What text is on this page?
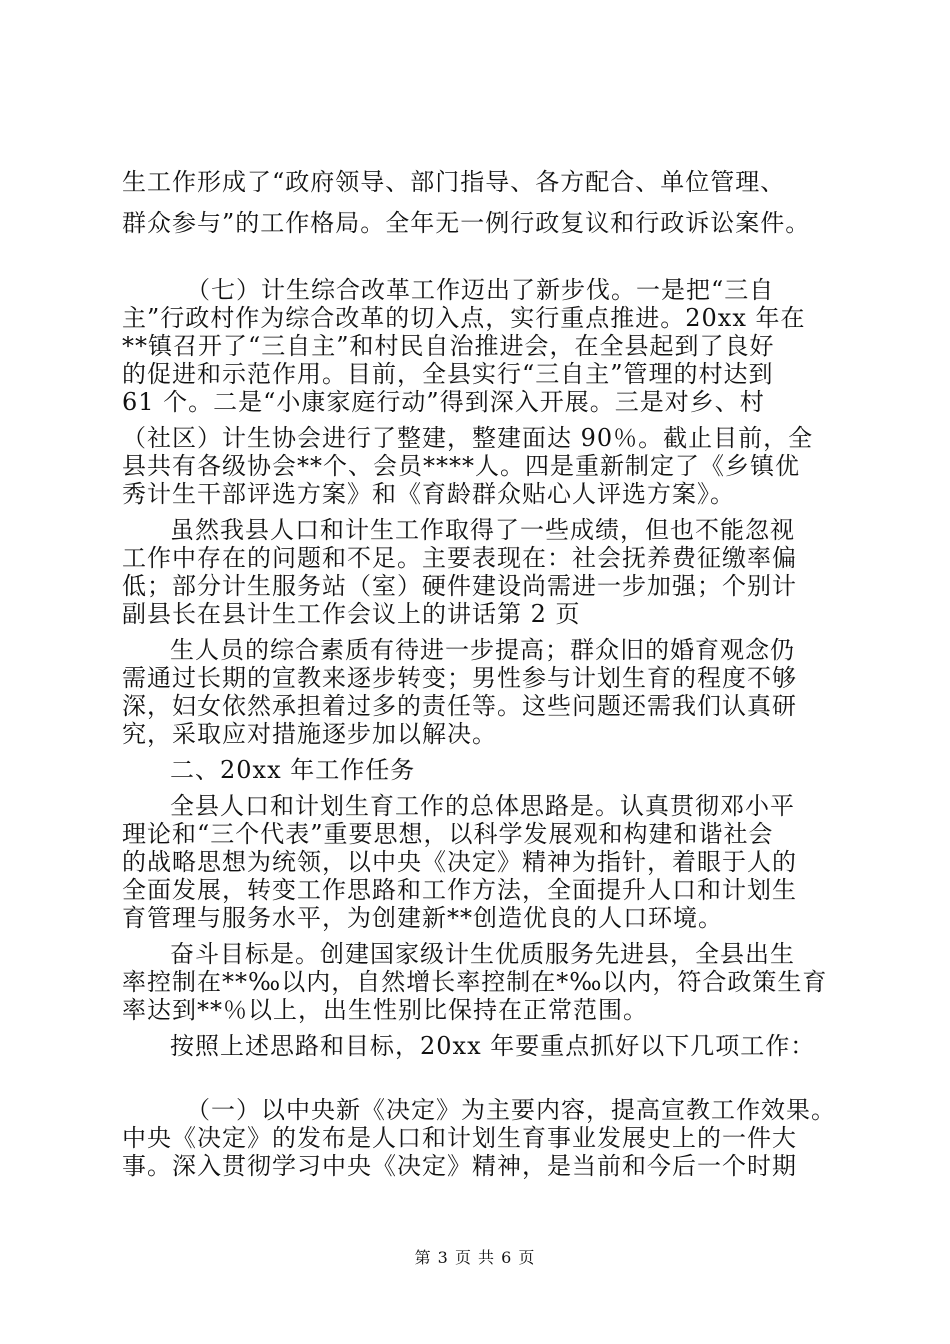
生工作形成了“政府领导、部门指导、各方配合、单位管理、
群众参与”的工作格局。全年无一例行政复议和行政诉讼案件。
（七）计生综合改革工作迈出了新步伐。一是把“三自
主”行政村作为综合改革的切入点，实行重点推进。20xx 年在
**镇召开了“三自主”和村民自治推进会，在全县起到了良好
的促进和示范作用。目前，全县实行“三自主”管理的村达到
61 个。二是“小康家庭行动”得到深入开展。三是对乡、村
（社区）计生协会进行了整建，整建面达 90％。截止目前，全
县共有各级协会**个、会员****人。四是重新制定了《乡镇优
秀计生干部评选方案》和《育龄群众贴心人评选方案》。
虽然我县人口和计生工作取得了一些成绩，但也不能忽视
工作中存在的问题和不足。主要表现在：社会抚养费征缴率偏
低；部分计生服务站（室）硬件建设尚需进一步加强；个别计
副县长在县计生工作会议上的讲话第 2 页
生人员的综合素质有待进一步提高；群众旧的婚育观念仍
需通过长期的宣教来逐步转变；男性参与计划生育的程度不够
深，妇女依然承担着过多的责任等。这些问题还需我们认真研
究，采取应对措施逐步加以解决。
二、20xx 年工作任务
全县人口和计划生育工作的总体思路是。认真贯彻邓小平
理论和“三个代表”重要思想，以科学发展观和构建和谐社会
的战略思想为统领，以中央《决定》精神为指针，着眼于人的
全面发展，转变工作思路和工作方法，全面提升人口和计划生
育管理与服务水平，为创建新**创造优良的人口环境。
奋斗目标是。创建国家级计生优质服务先进县，全县出生
率控制在**‰以内，自然增长率控制在*‰以内，符合政策生育
率达到**％以上，出生性别比保持在正常范围。
按照上述思路和目标，20xx 年要重点抓好以下几项工作：
（一）以中央新《决定》为主要内容，提高宣教工作效果。
中央《决定》的发布是人口和计划生育事业发展史上的一件大
事。深入贯彻学习中央《决定》精神，是当前和今后一个时期
第 3 页 共 6 页
